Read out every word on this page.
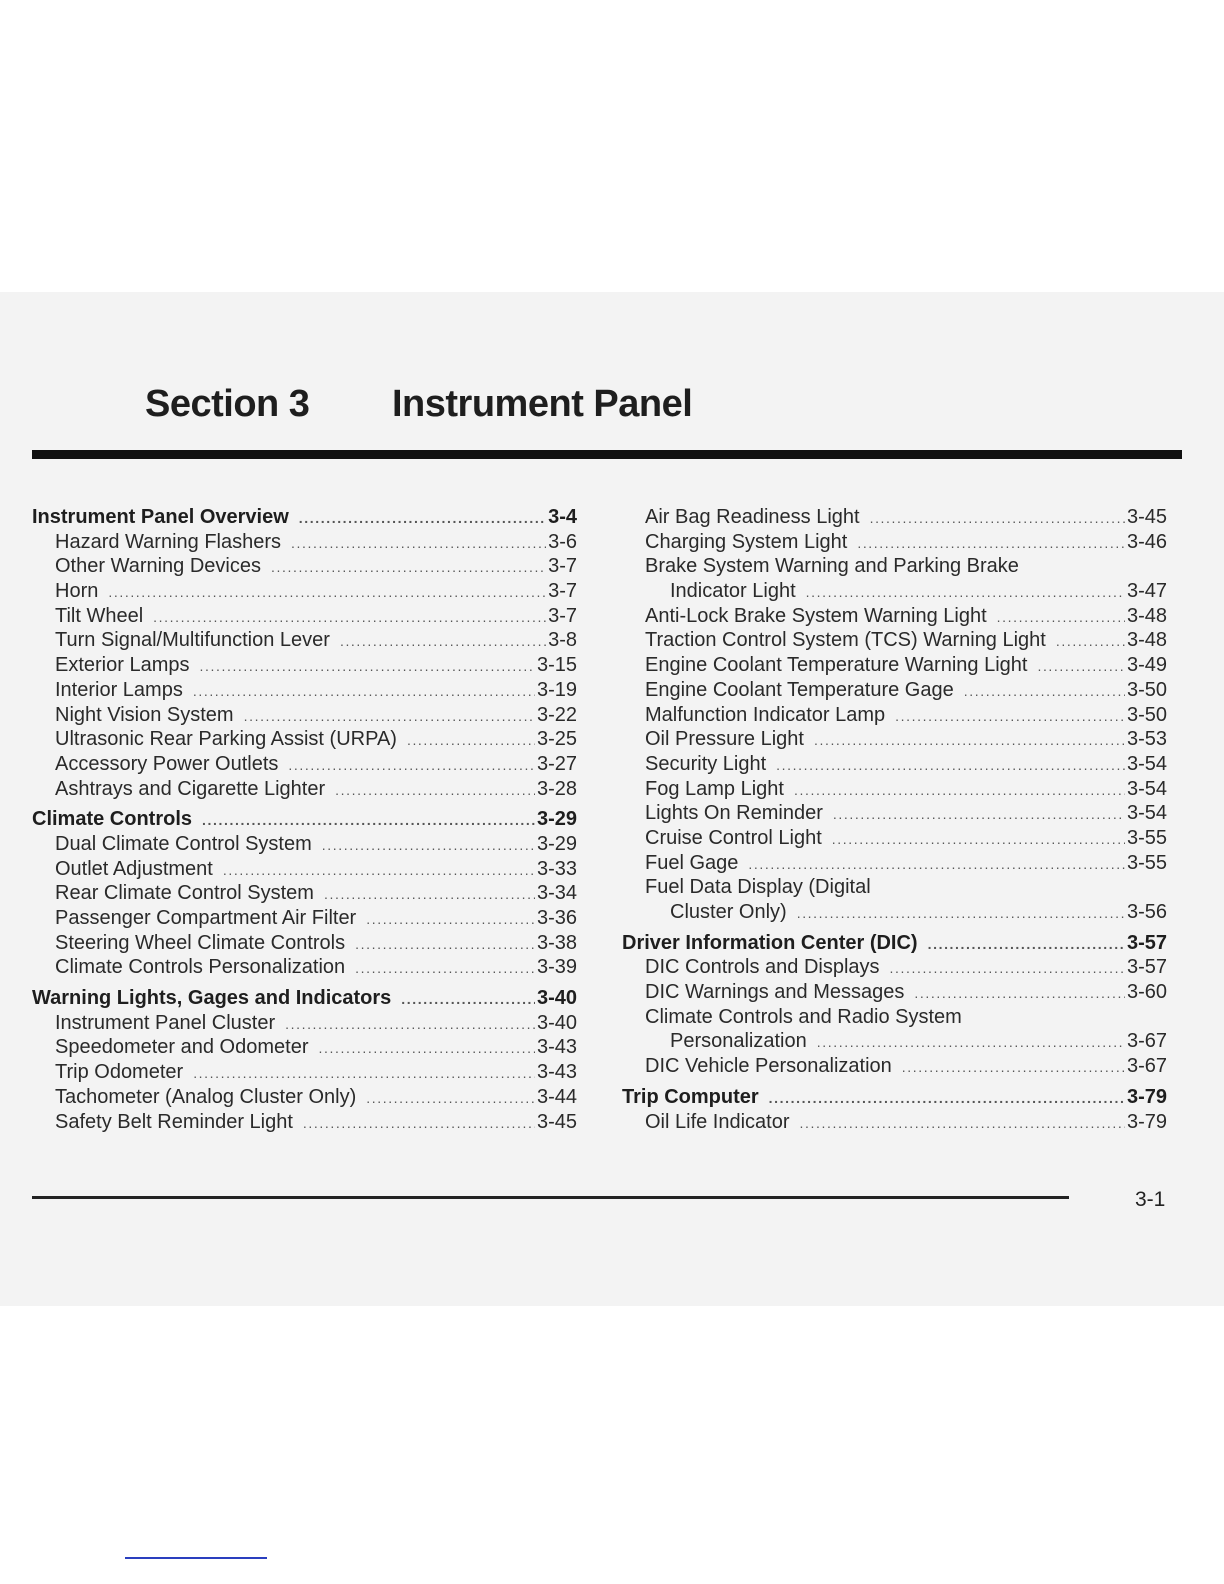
Section 3 Instrument Panel
Instrument Panel Overview .....	3-4
Hazard Warning Flashers .....	3-6
Other Warning Devices .....	3-7
Horn .....	3-7
Tilt Wheel .....	3-7
Turn Signal/Multifunction Lever .....	3-8
Exterior Lamps .....	3-15
Interior Lamps .....	3-19
Night Vision System .....	3-22
Ultrasonic Rear Parking Assist (URPA) .....	3-25
Accessory Power Outlets .....	3-27
Ashtrays and Cigarette Lighter .....	3-28
Climate Controls .....	3-29
Dual Climate Control System .....	3-29
Outlet Adjustment .....	3-33
Rear Climate Control System .....	3-34
Passenger Compartment Air Filter .....	3-36
Steering Wheel Climate Controls .....	3-38
Climate Controls Personalization .....	3-39
Warning Lights, Gages and Indicators .....	3-40
Instrument Panel Cluster .....	3-40
Speedometer and Odometer .....	3-43
Trip Odometer .....	3-43
Tachometer (Analog Cluster Only) .....	3-44
Safety Belt Reminder Light .....	3-45
Air Bag Readiness Light .....	3-45
Charging System Light .....	3-46
Brake System Warning and Parking Brake
Indicator Light .....	3-47
Anti-Lock Brake System Warning Light .....	3-48
Traction Control System (TCS) Warning Light .....	3-48
Engine Coolant Temperature Warning Light .....	3-49
Engine Coolant Temperature Gage .....	3-50
Malfunction Indicator Lamp .....	3-50
Oil Pressure Light .....	3-53
Security Light .....	3-54
Fog Lamp Light .....	3-54
Lights On Reminder .....	3-54
Cruise Control Light .....	3-55
Fuel Gage .....	3-55
Fuel Data Display (Digital
Cluster Only) .....	3-56
Driver Information Center (DIC) .....	3-57
DIC Controls and Displays .....	3-57
DIC Warnings and Messages .....	3-60
Climate Controls and Radio System
Personalization .....	3-67
DIC Vehicle Personalization .....	3-67
Trip Computer .....	3-79
Oil Life Indicator .....	3-79
3-1
